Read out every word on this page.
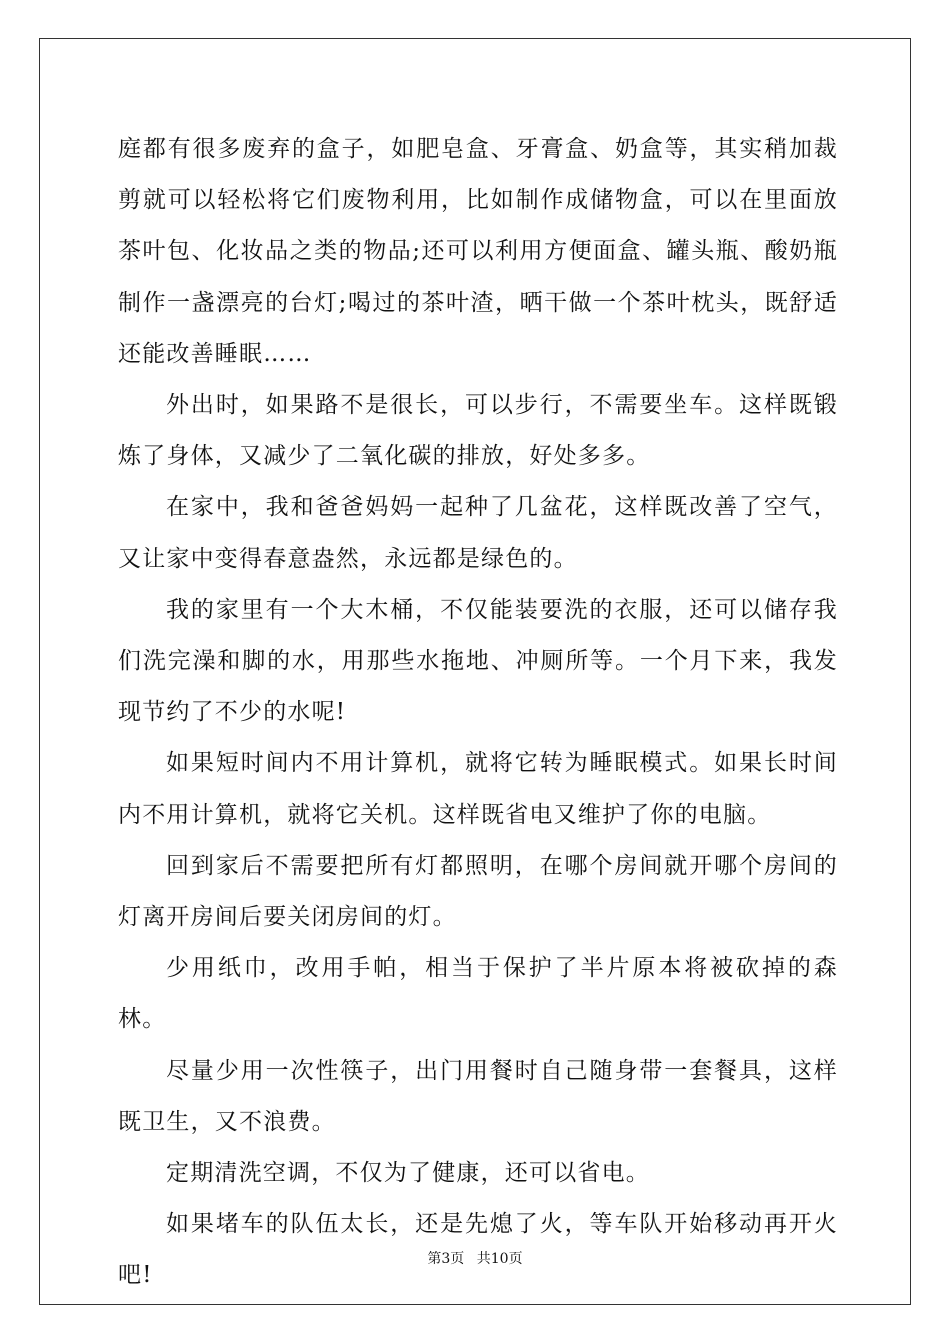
庭都有很多废弃的盒子，如肥皂盒、牙膏盒、奶盒等，其实稍加裁剪就可以轻松将它们废物利用，比如制作成储物盒，可以在里面放茶叶包、化妆品之类的物品;还可以利用方便面盒、罐头瓶、酸奶瓶制作一盏漂亮的台灯;喝过的茶叶渣，晒干做一个茶叶枕头，既舒适还能改善睡眠……

外出时，如果路不是很长，可以步行，不需要坐车。这样既锻炼了身体，又减少了二氧化碳的排放，好处多多。

在家中，我和爸爸妈妈一起种了几盆花，这样既改善了空气，又让家中变得春意盎然，永远都是绿色的。

我的家里有一个大木桶，不仅能装要洗的衣服，还可以储存我们洗完澡和脚的水，用那些水拖地、冲厕所等。一个月下来，我发现节约了不少的水呢!

如果短时间内不用计算机，就将它转为睡眠模式。如果长时间内不用计算机，就将它关机。这样既省电又维护了你的电脑。

回到家后不需要把所有灯都照明，在哪个房间就开哪个房间的灯离开房间后要关闭房间的灯。

少用纸巾，改用手帕，相当于保护了半片原本将被砍掉的森林。

尽量少用一次性筷子，出门用餐时自己随身带一套餐具，这样既卫生，又不浪费。

定期清洗空调，不仅为了健康，还可以省电。

如果堵车的队伍太长，还是先熄了火，等车队开始移动再开火吧!

第3页 共10页
